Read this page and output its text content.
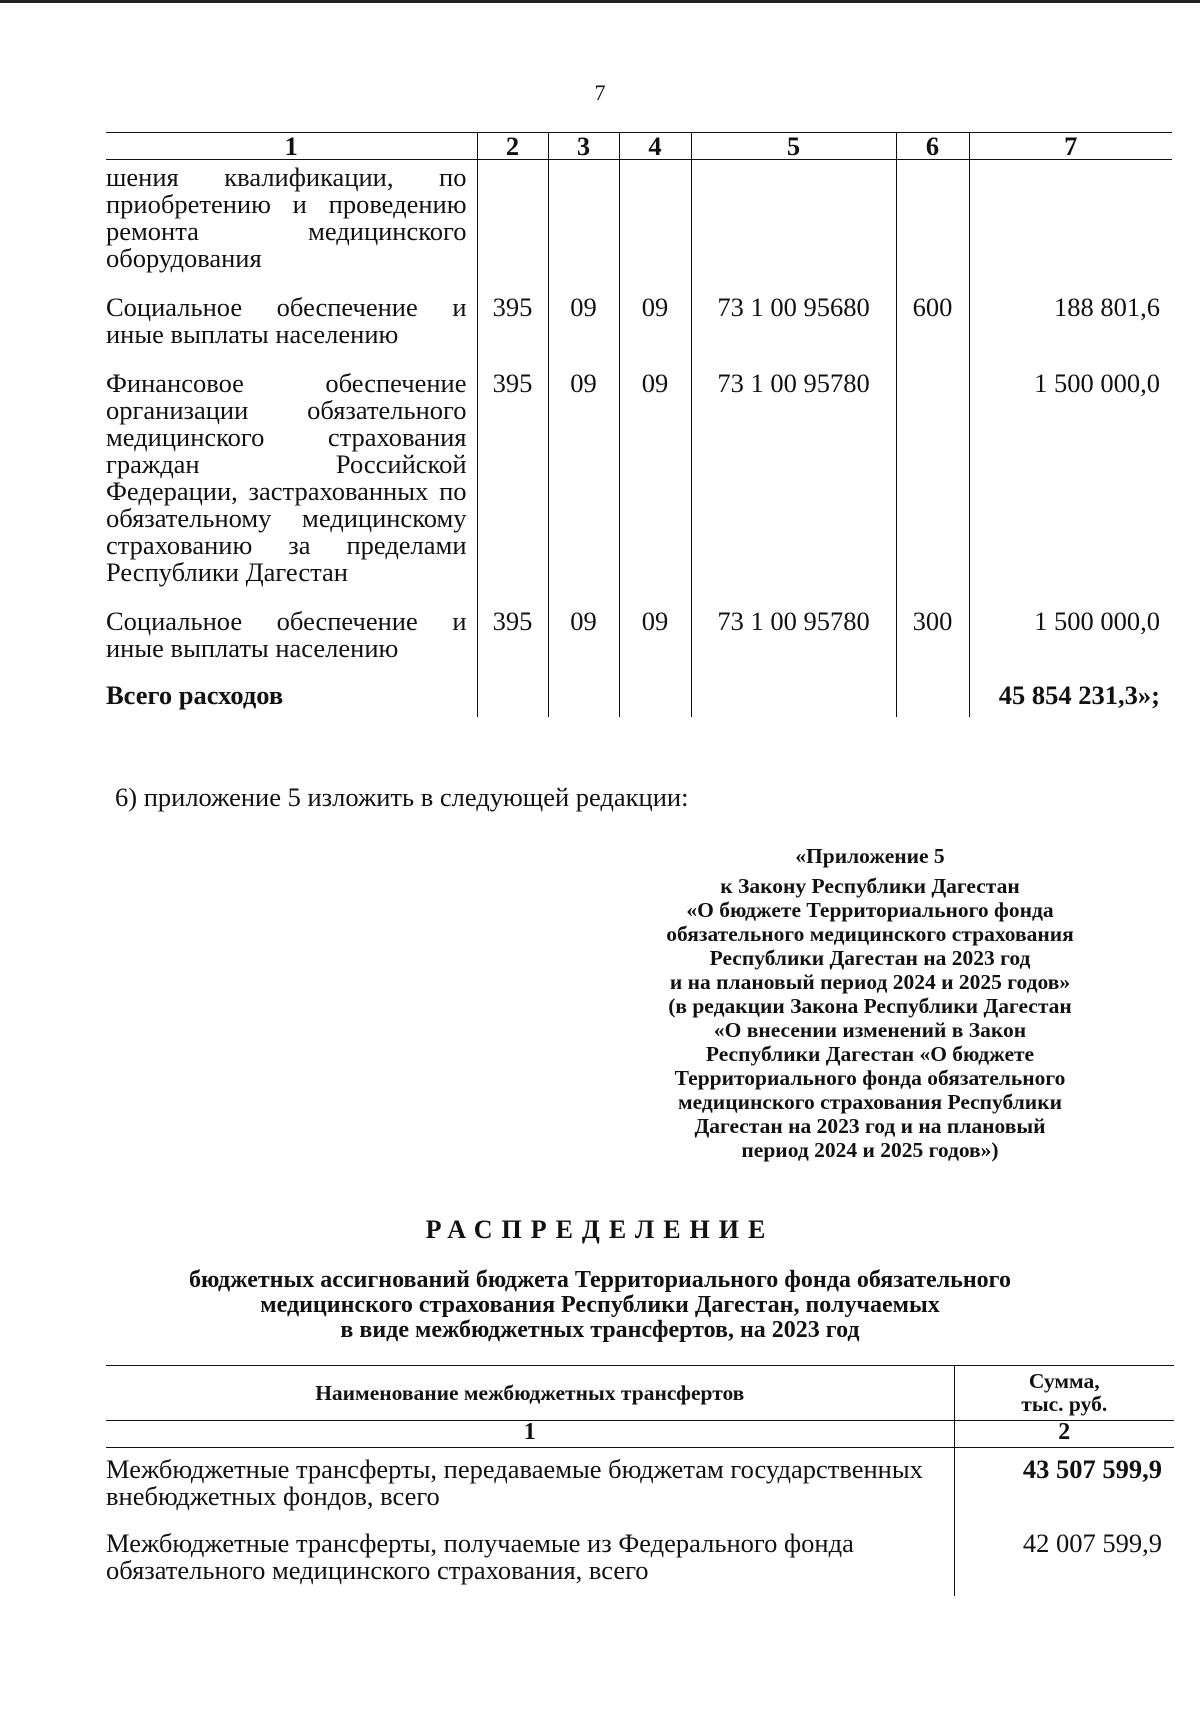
7
1	2	3	4	5	6	7
шения квалификации, по приобретению и проведению ремонта медицинского оборудования						
Социальное обеспечение и иные выплаты населению	395	09	09	73 1 00 95680	600	188 801,6
Финансовое обеспечение организации обязательного медицинского страхования граждан Российской Федерации, застрахованных по обязательному медицинскому страхованию за пределами Республики Дагестан	395	09	09	73 1 00 95780		1 500 000,0
Социальное обеспечение и иные выплаты населению	395	09	09	73 1 00 95780	300	1 500 000,0
Всего расходов						45 854 231,3»;
6) приложение 5 изложить в следующей редакции:
«Приложение 5
к Закону Республики Дагестан
«О бюджете Территориального фонда
обязательного медицинского страхования
Республики Дагестан на 2023 год
и на плановый период 2024 и 2025 годов»
(в редакции Закона Республики Дагестан
«О внесении изменений в Закон
Республики Дагестан «О бюджете
Территориального фонда обязательного
медицинского страхования Республики
Дагестан на 2023 год и на плановый
период 2024 и 2025 годов»)
РАСПРЕДЕЛЕНИЕ
бюджетных ассигнований бюджета Территориального фонда обязательного
медицинского страхования Республики Дагестан, получаемых
в виде межбюджетных трансфертов, на 2023 год
Наименование межбюджетных трансфертов	Сумма,
тыс. руб.

1	2
Межбюджетные трансферты, передаваемые бюджетам государственных внебюджетных фондов, всего	43 507 599,9
Межбюджетные трансферты, получаемые из Федерального фонда обязательного медицинского страхования, всего	42 007 599,9
